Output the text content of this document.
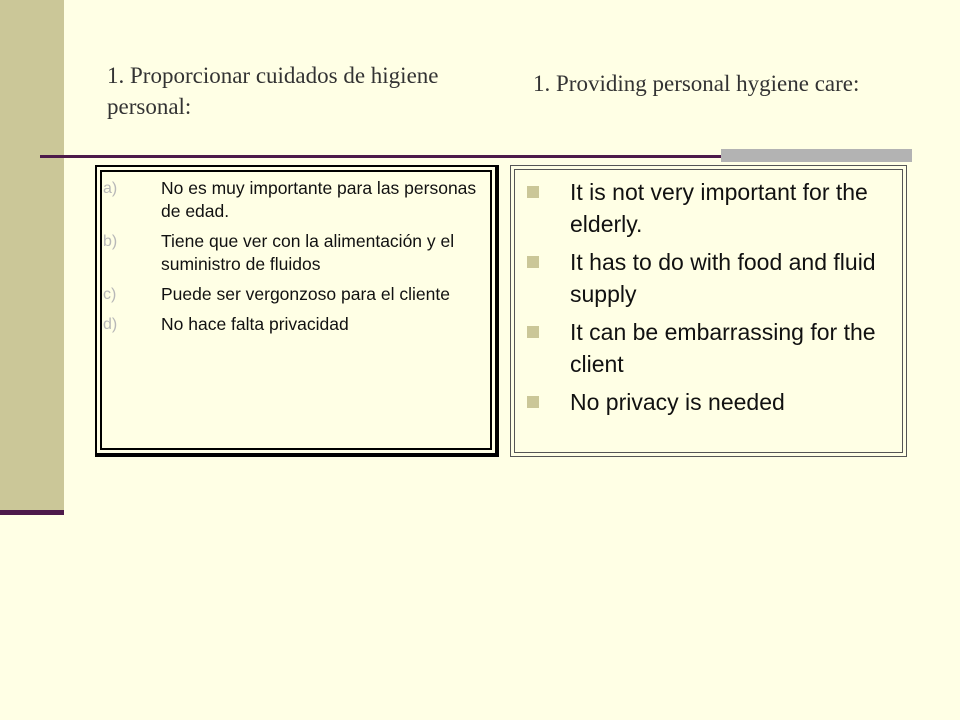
1. Proporcionar cuidados de higiene personal:
1. Providing personal hygiene care:
a)	No es muy importante para las personas de edad.
b)	Tiene que ver con la alimentación y el suministro de fluidos
c)	Puede ser vergonzoso para el cliente
d)	No hace falta privacidad
It is not very important for the elderly.
It has to do with food and fluid supply
It can be embarrassing for the client
No privacy is needed
